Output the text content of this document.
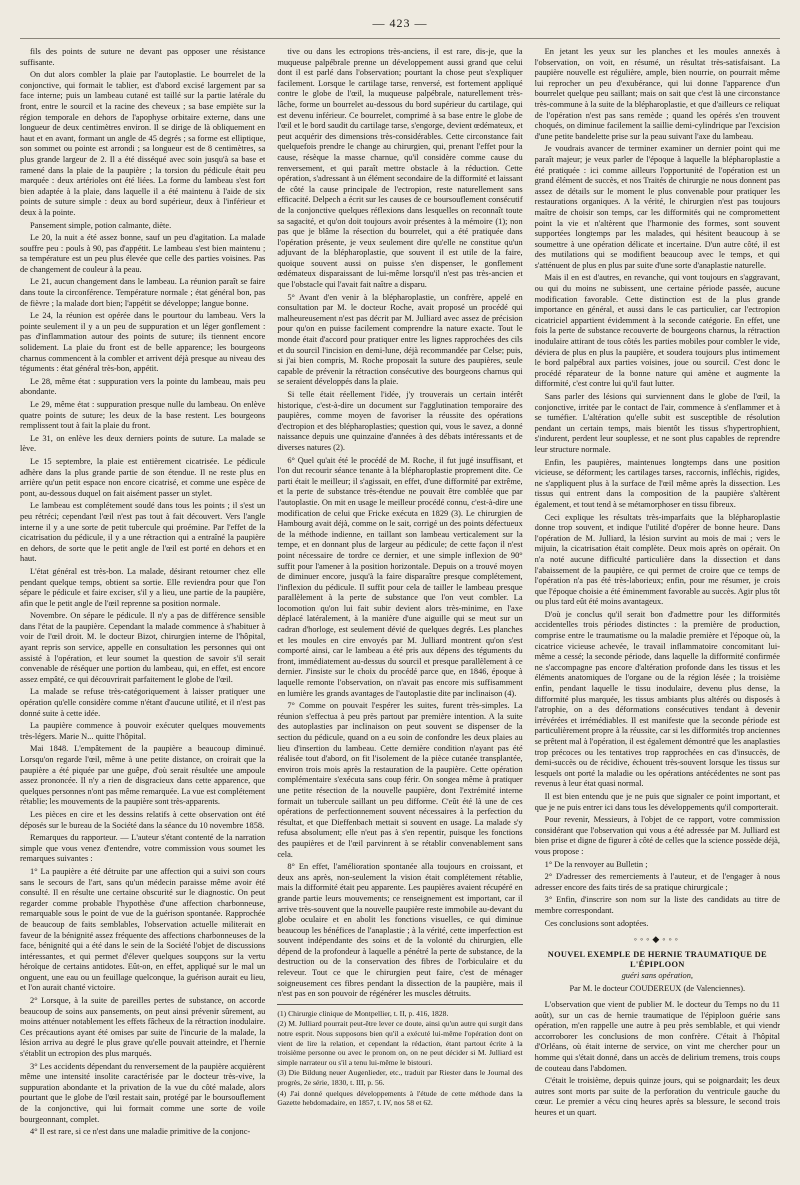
— 423 —

fils des points de suture ne devant pas opposer une résistance suffisante.

On dut alors combler la plaie par l'autoplastie. Le bourrelet de la conjonctive, qui formait le tablier, est d'abord excisé largement par sa face interne; puis un lambeau cutané est taillé sur la partie latérale du front, entre le sourcil et la racine des cheveux ; sa base empiète sur la région temporale en dehors de l'apophyse orbitaire externe, dans une longueur de deux centimètres environ. Il se dirige de là obliquement en haut et en avant, formant un angle de 45 degrés ; sa forme est elliptique, son sommet ou pointe est arrondi ; sa longueur est de 8 centimètres, sa plus grande largeur de 2. Il a été disséqué avec soin jusqu'à sa base et ramené dans la plaie de la paupière ; la torsion du pédicule était peu marquée : deux artérioles ont été liées. La forme du lambeau s'est fort bien adaptée à la plaie, dans laquelle il a été maintenu à l'aide de six points de suture simple : deux au bord supérieur, deux à l'inférieur et deux à la pointe.

Pansement simple, potion calmante, diète.

Le 20, la nuit a été assez bonne, sauf un peu d'agitation. La malade souffre peu : pouls à 90, pas d'appétit. Le lambeau s'est bien maintenu ; sa température est un peu plus élevée que celle des parties voisines. Pas de changement de couleur à la peau.

Le 21, aucun changement dans le lambeau. La réunion paraît se faire dans toute la circonférence. Température normale ; état général bon, pas de fièvre ; la malade dort bien; l'appétit se développe; langue bonne.

Le 24, la réunion est opérée dans le pourtour du lambeau. Vers la pointe seulement il y a un peu de suppuration et un léger gonflement : pas d'inflammation autour des points de suture; ils tiennent encore solidement. La plaie du front est de belle apparence; les bourgeons charnus commencent à la combler et arrivent déjà presque au niveau des téguments : état général très-bon, appétit.

Le 28, même état : suppuration vers la pointe du lambeau, mais peu abondante.

Le 29, même état : suppuration presque nulle du lambeau. On enlève quatre points de suture; les deux de la base restent. Les bourgeons remplissent tout à fait la plaie du front.

Le 31, on enlève les deux derniers points de suture. La malade se lève.

Le 15 septembre, la plaie est entièrement cicatrisée. Le pédicule adhère dans la plus grande partie de son étendue. Il ne reste plus en arrière qu'un petit espace non encore cicatrisé, et comme une espèce de pont, au-dessous duquel on fait aisément passer un stylet.

Le lambeau est complétement soudé dans tous les points ; il s'est un peu rétréci; cependant l'œil n'est pas tout à fait découvert. Vers l'angle interne il y a une sorte de petit tubercule qui proémine. Par l'effet de la cicatrisation du pédicule, il y a une rétraction qui a entraîné la paupière en dehors, de sorte que le petit angle de l'œil est porté en dehors et en haut.

L'état général est très-bon. La malade, désirant retourner chez elle pendant quelque temps, obtient sa sortie. Elle reviendra pour que l'on sépare le pédicule et faire exciser, s'il y a lieu, une partie de la paupière, afin que le petit angle de l'œil reprenne sa position normale.

Novembre. On sépare le pédicule. Il n'y a pas de différence sensible dans l'état de la paupière. Cependant la malade commence à s'habituer à voir de l'œil droit. M. le docteur Bizot, chirurgien interne de l'hôpital, ayant repris son service, appelle en consultation les personnes qui ont assisté à l'opération, et leur soumet la question de savoir s'il serait convenable de réséquer une portion du lambeau, qui, en effet, est encore assez empâté, ce qui découvrirait parfaitement le globe de l'œil.

La malade se refuse très-catégoriquement à laisser pratiquer une opération qu'elle considère comme n'étant d'aucune utilité, et il n'est pas donné suite à cette idée.

La paupière commence à pouvoir exécuter quelques mouvements très-légers. Marie N... quitte l'hôpital.

Mai 1848. L'empâtement de la paupière a beaucoup diminué. Lorsqu'on regarde l'œil, même à une petite distance, on croirait que la paupière a été piquée par une guêpe, d'où serait résultée une ampoule assez prononcée. Il n'y a rien de disgracieux dans cette apparence, que quelques personnes n'ont pas même remarquée. La vue est complétement rétablie; les mouvements de la paupière sont très-apparents.

Les pièces en cire et les dessins relatifs à cette observation ont été déposés sur le bureau de la Société dans la séance du 10 novembre 1858.

Remarques du rapporteur. — L'auteur s'étant contenté de la narration simple que vous venez d'entendre, votre commission vous soumet les remarques suivantes :

1° La paupière a été détruite par une affection qui a suivi son cours sans le secours de l'art, sans qu'un médecin paraisse même avoir été consulté. Il en résulte une certaine obscurité sur le diagnostic. On peut regarder comme probable l'hypothèse d'une affection charbonneuse, remarquable sous le point de vue de la guérison spontanée. Rapprochée de beaucoup de faits semblables, l'observation actuelle militerait en faveur de la bénignité assez fréquente des affections charbonneuses de la face, bénignité qui a été dans le sein de la Société l'objet de discussions intéressantes, et qui permet d'élever quelques soupçons sur la vertu héroïque de certains antidotes. Eût-on, en effet, appliqué sur le mal un onguent, une eau ou un feuillage quelconque, la guérison aurait eu lieu, et l'on aurait chanté victoire.

2° Lorsque, à la suite de pareilles pertes de substance, on accorde beaucoup de soins aux pansements, on peut ainsi prévenir sûrement, au moins atténuer notablement les effets fâcheux de la rétraction inodulaire. Ces précautions ayant été omises par suite de l'incurie de la malade, la lésion arriva au degré le plus grave qu'elle pouvait atteindre, et l'hernie s'établit un ectropion des plus marqués.

3° Les accidents dépendant du renversement de la paupière acquièrent même une intensité insolite caractérisée par le docteur très-vive, la suppuration abondante et la privation de la vue du côté malade, alors pourtant que le globe de l'œil restait sain, protégé par le boursouflement de la conjonctive, qui lui formait comme une sorte de voile bourgeonnant, complet.

4° Il est rare, si ce n'est dans une maladie primitive de la conjonc-

tive ou dans les ectropions très-anciens, il est rare, dis-je, que la muqueuse palpébrale prenne un développement aussi grand que celui dont il est parlé dans l'observation; pourtant la chose peut s'expliquer facilement. Lorsque le cartilage tarse, renversé, est fortement appliqué contre le globe de l'œil, la muqueuse palpébrale, naturellement très-lâche, forme un bourrelet au-dessous du bord supérieur du cartilage, qui est devenu inférieur. Ce bourrelet, comprimé à sa base entre le globe de l'œil et le bord saudit du cartilage tarse, s'engorge, devient œdémateux, et peut acquérir des dimensions très-considérables. Cette circonstance fait quelquefois prendre le change au chirurgien, qui, prenant l'effet pour la cause, résèque la masse charnue, qu'il considère comme cause du renversement, et qui paraît mettre obstacle à la réduction. Cette opération, s'adressant à un élément secondaire de la difformité et laissant de côté la cause principale de l'ectropion, reste naturellement sans efficacité. Delpech a écrit sur les causes de ce boursouflement consécutif de la conjonctive quelques réflexions dans lesquelles on reconnaît toute sa sagacité, et qu'on doit toujours avoir présentes à la mémoire (1); non pas que je blâme la résection du bourrelet, qui a été pratiquée dans l'opération présente, je veux seulement dire qu'elle ne constitue qu'un adjuvant de la blépharoplastie, que souvent il est utile de la faire, quoique souvent aussi on puisse s'en dispenser, le gonflement œdémateux disparaissant de lui-même lorsqu'il n'est pas très-ancien et que l'obstacle qui l'avait fait naître a disparu.

5° Avant d'en venir à la blépharoplastie, un confrère, appelé en consultation par M. le docteur Roche, avait proposé un procédé qui malheureusement n'est pas décrit par M. Julliard avec assez de précision pour qu'on en puisse facilement comprendre la nature exacte. Tout le monde était d'accord pour pratiquer entre les lignes rapprochées des cils et du sourcil l'incision en demi-lune, déjà recommandée par Celse; puis, si j'ai bien compris, M. Roche proposait la suture des paupières, seule capable de prévenir la rétraction consécutive des bourgeons charnus qui se seraient développés dans la plaie.

Si telle était réellement l'idée, j'y trouverais un certain intérêt historique, c'est-à-dire un document sur l'agglutination temporaire des paupières, comme moyen de favoriser la réussite des opérations d'ectropion et des blépharoplasties; question qui, vous le savez, a donné naissance depuis une quinzaine d'années à des débats intéressants et de diverses natures (2).

6° Quel qu'ait été le procédé de M. Roche, il fut jugé insuffisant, et l'on dut recourir séance tenante à la blépharoplastie proprement dite. Ce parti était le meilleur; il s'agissait, en effet, d'une difformité par extrême, et la perte de substance très-étendue ne pouvait être comblée que par l'autoplastie. On mit en usage le meilleur procédé connu, c'est-à-dire une modification de celui que Fricke exécuta en 1829 (3). Le chirurgien de Hambourg avait déjà, comme on le sait, corrigé un des points défectueux de la méthode indienne, en taillant son lambeau verticalement sur la tempe, et en donnant plus de largeur au pédicule; de cette façon il n'est point nécessaire de tordre ce dernier, et une simple inflexion de 90° suffit pour l'amener à la position horizontale. Depuis on a trouvé moyen de diminuer encore, jusqu'à la faire disparaître presque complétement, l'inflexion du pédicule. Il suffit pour cela de tailler le lambeau presque parallèlement à la perte de substance que l'on veut combler. La locomotion qu'on lui fait subir devient alors très-minime, en l'axe déplacé latéralement, à la manière d'une aiguille qui se meut sur un cadran d'horloge, est seulement dévié de quelques degrés. Les planches et les moules en cire envoyés par M. Julliard montrent qu'on s'est comporté ainsi, car le lambeau a été pris aux dépens des téguments du front, immédiatement au-dessus du sourcil et presque parallèlement à ce dernier. J'insiste sur le choix du procédé parce que, en 1846, époque à laquelle remonte l'observation, on n'avait pas encore mis suffisamment en lumière les grands avantages de l'autoplastie dite par inclinaison (4).

7° Comme on pouvait l'espérer les suites, furent très-simples. La réunion s'effectua à peu près partout par première intention. A la suite des autoplasties par inclinaison on peut souvent se dispenser de la section du pédicule, quand on a eu soin de confondre les deux plaies au lieu d'insertion du lambeau. Cette dernière condition n'ayant pas été réalisée tout d'abord, on fit l'isolement de la pièce cutanée transplantée, environ trois mois après la restauration de la paupière. Cette opération complémentaire s'exécuta sans coup férir. On songea même à pratiquer une petite résection de la nouvelle paupière, dont l'extrémité interne formait un tubercule saillant un peu difforme. C'eût été là une de ces opérations de perfectionnement souvent nécessaires à la perfection du résultat, et que Dieffenbach mettait si souvent en usage. La malade s'y refusa absolument; elle n'eut pas à s'en repentir, puisque les fonctions des paupières et de l'œil parvinrent à se rétablir convenablement sans cela.

8° En effet, l'amélioration spontanée alla toujours en croissant, et deux ans après, non-seulement la vision était complétement rétablie, mais la difformité était peu apparente. Les paupières avaient récupéré en grande partie leurs mouvements; ce renseignement est important, car il arrive très-souvent que la nouvelle paupière reste immobile au-devant du globe oculaire et en abolit les fonctions visuelles, ce qui diminue beaucoup les bénéfices de l'anaplastie ; à la vérité, cette imperfection est souvent indépendante des soins et de la volonté du chirurgien, elle dépend de la profondeur à laquelle a pénétré la perte de substance, de la destruction ou de la conservation des fibres de l'orbiculaire et du releveur. Tout ce que le chirurgien peut faire, c'est de ménager soigneusement ces fibres pendant la dissection de la paupière, mais il n'est pas en son pouvoir de régénérer les muscles détruits.

(1) Chirurgie clinique de Montpellier, t. II, p. 416, 1828.
(2) M. Julliard pourrait peut-être lever ce doute, ainsi qu'un autre qui surgit dans notre esprit. Nous supposons bien qu'il a exécuté lui-même l'opération dont on vient de lire la relation, et cependant la rédaction, étant partout écrite à la troisième personne ou avec le pronom on, on ne peut décider si M. Julliard est simple narrateur ou s'il a tenu lui-même le bistouri.
(3) Die Bildung neuer Augenlieder, etc., traduit par Riester dans le Journal des progrès, 2e série, 1830, t. III, p. 56.
(4) J'ai donné quelques développements à l'étude de cette méthode dans la Gazette hebdomadaire, en 1857, t. IV, nos 58 et 62.

En jetant les yeux sur les planches et les moules annexés à l'observation, on voit, en résumé, un résultat très-satisfaisant. La paupière nouvelle est régulière, ample, bien nourrie, on pourrait même lui reprocher un peu d'exubérance, qui lui donne l'apparence d'un bourrelet quelque peu saillant; mais on sait que c'est là une circonstance très-commune à la suite de la blépharoplastie, et que d'ailleurs ce reliquat de l'opération n'est pas sans remède ; quand les opérés s'en trouvent choqués, on diminue facilement la saillie demi-cylindrique par l'excision d'une petite bandelette prise sur la peau suivant l'axe du lambeau.

Je voudrais avancer de terminer examiner un dernier point qui me paraît majeur; je veux parler de l'époque à laquelle la blépharoplastie a été pratiquée : ici comme ailleurs l'opportunité de l'opération est un grand élément de succès, et nos Traités de chirurgie ne nous donnent pas assez de détails sur le moment le plus convenable pour pratiquer les restaurations organiques. A la vérité, le chirurgien n'est pas toujours maître de choisir son temps, car les difformités qui ne compromettent point la vie et n'altèrent que l'harmonie des formes, sont souvent supportées longtemps par les malades, qui hésitent beaucoup à se soumettre à une opération délicate et incertaine. D'un autre côté, il est des mutilations qui se modifient beaucoup avec le temps, et qui s'atténuent de plus en plus par suite d'une sorte d'anaplastie naturelle.

Mais il en est d'autres, en revanche, qui vont toujours en s'aggravant, ou qui du moins ne subissent, une certaine période passée, aucune modification favorable. Cette distinction est de la plus grande importance en général, et aussi dans le cas particulier, car l'ectropion cicatriciel appartient évidemment à la seconde catégorie. En effet, une fois la perte de substance recouverte de bourgeons charnus, la rétraction inodulaire attirant de tous côtés les parties mobiles pour combler le vide, déviera de plus en plus la paupière, et soudera toujours plus intimement le bord palpébral aux parties voisines, joue ou sourcil. C'est donc le procédé réparateur de la bonne nature qui amène et augmente la difformité, c'est contre lui qu'il faut lutter.

Sans parler des lésions qui surviennent dans le globe de l'œil, la conjonctive, irritée par le contact de l'air, commence à s'enflammer et à se tuméfier. L'altération qu'elle subit est susceptible de résolution pendant un certain temps, mais bientôt les tissus s'hypertrophient, s'indurent, perdent leur souplesse, et ne sont plus capables de reprendre leur structure normale.

Enfin, les paupières, maintenues longtemps dans une position vicieuse, se déforment; les cartilages tarses, raccornis, infléchis, rigides, ne s'appliquent plus à la surface de l'œil même après la dissection. Les tissus qui entrent dans la composition de la paupière s'altèrent également, et tout tend à se métamorphoser en tissu fibreux.

Ceci explique les résultats très-imparfaits que la blépharoplastie donne trop souvent, et indique l'utilité d'opérer de bonne heure. Dans l'opération de M. Julliard, la lésion survint au mois de mai ; vers le mijuin, la cicatrisation était complète. Deux mois après on opérait. On n'a noté aucune difficulté particulière dans la dissection et dans l'abaissement de la paupière, ce qui permet de croire que ce temps de l'opération n'a pas été très-laborieux; enfin, pour me résumer, je crois que l'époque choisie a été éminemment favorable au succès. Agir plus tôt ou plus tard eût été moins avantageux.

D'où je conclus qu'il serait bon d'admettre pour les difformités accidentelles trois périodes distinctes : la première de production, comprise entre le traumatisme ou la maladie première et l'époque où, la cicatrice vicieuse achevée, le travail inflammatoire concomitant lui-même a cessé; la seconde période, dans laquelle la difformité confirmée ne s'accompagne pas encore d'altération profonde dans les tissus et les éléments anatomiques de l'organe ou de la région lésée ; la troisième enfin, pendant laquelle le tissu inodulaire, devenu plus dense, la difformité plus marquée, les tissus ambiants plus altérés ou disposés à l'atrophie, on a des déformations consécutives tendant à devenir irrévérées et irrémédiables. Il est manifeste que la seconde période est particulièrement propre à la réussite, car si les difformités trop anciennes se prêtent mal à l'opération, il est également démontré que les anaplasties trop précoces ou les tentatives trop rapprochées en cas d'insuccès, de demi-succès ou de récidive, échouent très-souvent lorsque les tissus sur lesquels ont porté la maladie ou les opérations antécédentes ne sont pas revenus à leur état quasi normal.

Il est bien entendu que je ne puis que signaler ce point important, et que je ne puis entrer ici dans tous les développements qu'il comporterait.

Pour revenir, Messieurs, à l'objet de ce rapport, votre commission considérant que l'observation qui vous a été adressée par M. Julliard est bien prise et digne de figurer à côté de celles que la science possède déjà, vous propose :

1° De la renvoyer au Bulletin ;

2° D'adresser des remerciements à l'auteur, et de l'engager à nous adresser encore des faits tirés de sa pratique chirurgicale ;

3° Enfin, d'inscrire son nom sur la liste des candidats au titre de membre correspondant.

Ces conclusions sont adoptées.

◦◦◦◆◦◦◦
NOUVEL EXEMPLE DE HERNIE TRAUMATIQUE DE L'ÉPIPLOON
guéri sans opération,
Par M. le docteur COUDEREUX (de Valenciennes).

L'observation que vient de publier M. le docteur du Temps no du 11 août), sur un cas de hernie traumatique de l'épiploon guérie sans opération, m'en rappelle une autre à peu près semblable, et qui viendr accorroborer les conclusions de mon confrère. C'était à l'hôpital d'Orléans, où était interne de service, on vint me chercher pour un homme qui s'était donné, dans un accès de delirium tremens, trois coups de couteau dans l'abdomen.

C'était le troisième, depuis quinze jours, qui se poignardait; les deux autres sont morts par suite de la perforation du ventricule gauche du cœur. Le premier a vécu cinq heures après sa blessure, le second trois heures et un quart.
